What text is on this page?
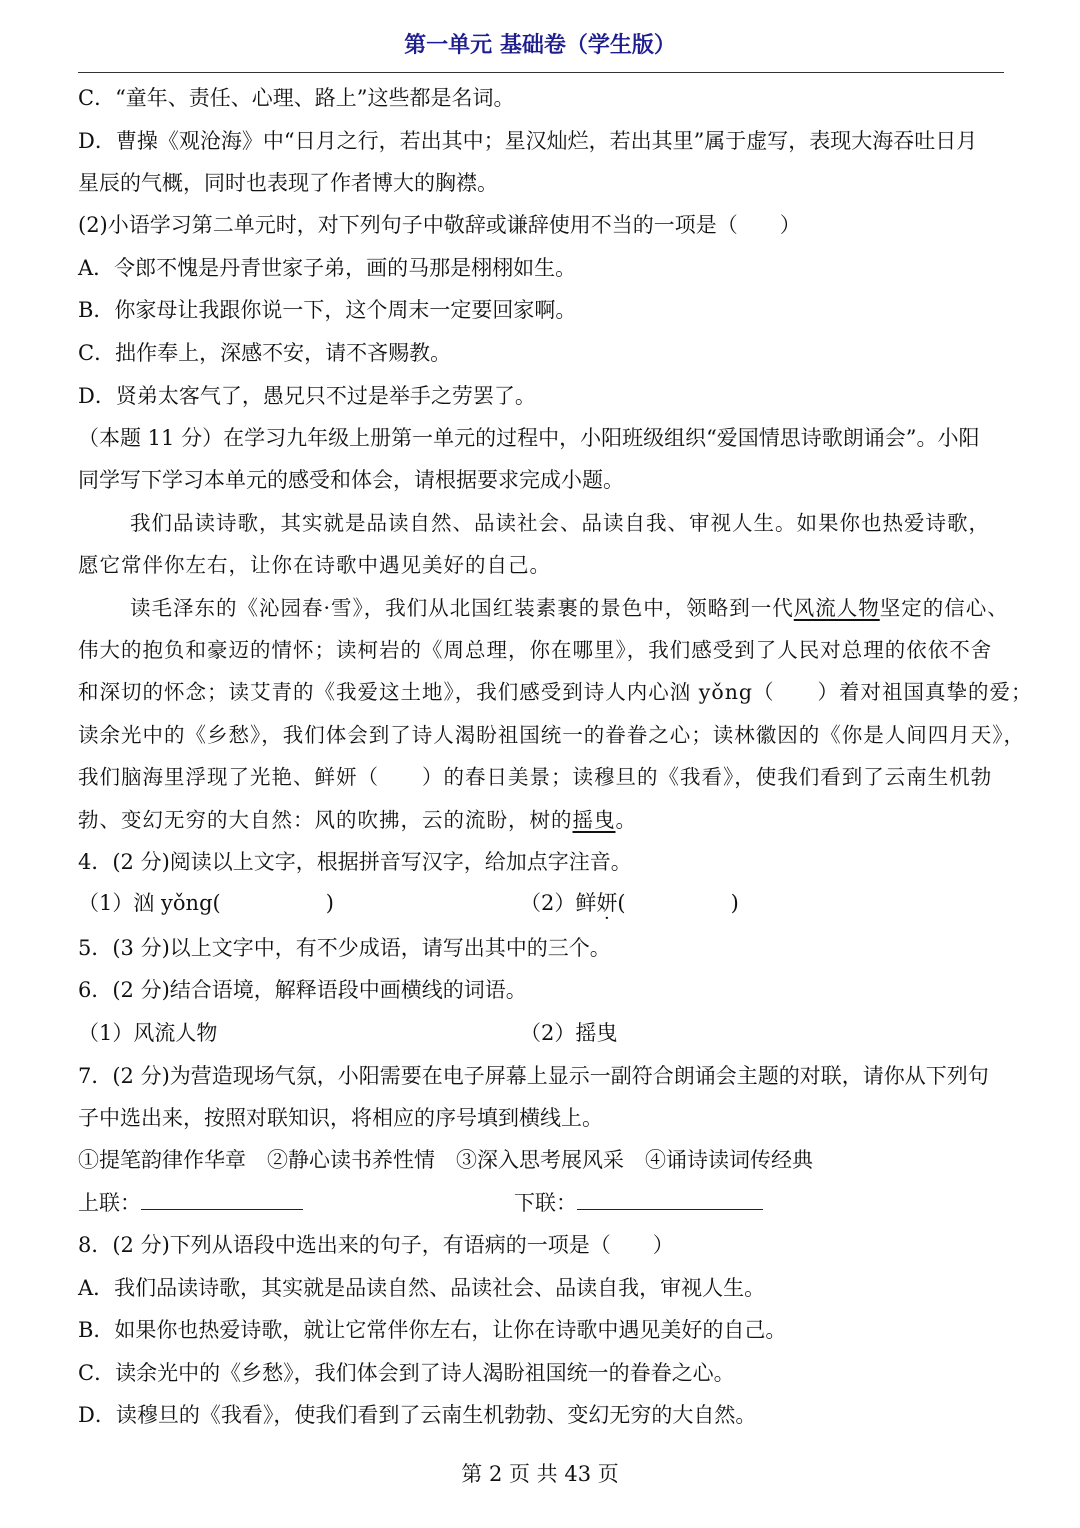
第一单元 基础卷（学生版）
C．“童年、责任、心理、路上”这些都是名词。
D．曹操《观沧海》中“日月之行，若出其中；星汉灿烂，若出其里”属于虚写，表现大海吞吐日月
星辰的气概，同时也表现了作者博大的胸襟。
(2)小语学习第二单元时，对下列句子中敬辞或谦辞使用不当的一项是（　　）
A．令郎不愧是丹青世家子弟，画的马那是栩栩如生。
B．你家母让我跟你说一下，这个周末一定要回家啊。
C．拙作奉上，深感不安，请不吝赐教。
D．贤弟太客气了，愚兄只不过是举手之劳罢了。
（本题 11 分）在学习九年级上册第一单元的过程中，小阳班级组织“爱国情思诗歌朗诵会”。小阳
同学写下学习本单元的感受和体会，请根据要求完成小题。
我们品读诗歌，其实就是品读自然、品读社会、品读自我、审视人生。如果你也热爱诗歌，
愿它常伴你左右，让你在诗歌中遇见美好的自己。
读毛泽东的《沁园春·雪》，我们从北国红装素裹的景色中，领略到一代风流人物坚定的信心、
伟大的抱负和豪迈的情怀；读柯岩的《周总理，你在哪里》，我们感受到了人民对总理的依依不舍
和深切的怀念；读艾青的《我爱这土地》，我们感受到诗人内心汹 yǒng（　　）着对祖国真挚的爱；
读余光中的《乡愁》，我们体会到了诗人渴盼祖国统一的眷眷之心；读林徽因的《你是人间四月天》，
我们脑海里浮现了光艳、鲜妍（　　）的春日美景；读穆旦的《我看》，使我们看到了云南生机勃
勃、变幻无穷的大自然：风的吹拂，云的流盼，树的摇曳。
4．(2 分)阅读以上文字，根据拼音写汉字，给加点字注音。
（1）汹 yǒng(　　　　　)	（2）鲜妍(　　　　　)
5．(3 分)以上文字中，有不少成语，请写出其中的三个。
6．(2 分)结合语境，解释语段中画横线的词语。
（1）风流人物	（2）摇曳
7．(2 分)为营造现场气氛，小阳需要在电子屏幕上显示一副符合朗诵会主题的对联，请你从下列句
子中选出来，按照对联知识，将相应的序号填到横线上。
①提笔韵律作华章　②静心读书养性情　③深入思考展风采　④诵诗读词传经典
上联：	下联：
8．(2 分)下列从语段中选出来的句子，有语病的一项是（　　）
A．我们品读诗歌，其实就是品读自然、品读社会、品读自我，审视人生。
B．如果你也热爱诗歌，就让它常伴你左右，让你在诗歌中遇见美好的自己。
C．读余光中的《乡愁》，我们体会到了诗人渴盼祖国统一的眷眷之心。
D．读穆旦的《我看》，使我们看到了云南生机勃勃、变幻无穷的大自然。
第 2 页 共 43 页
